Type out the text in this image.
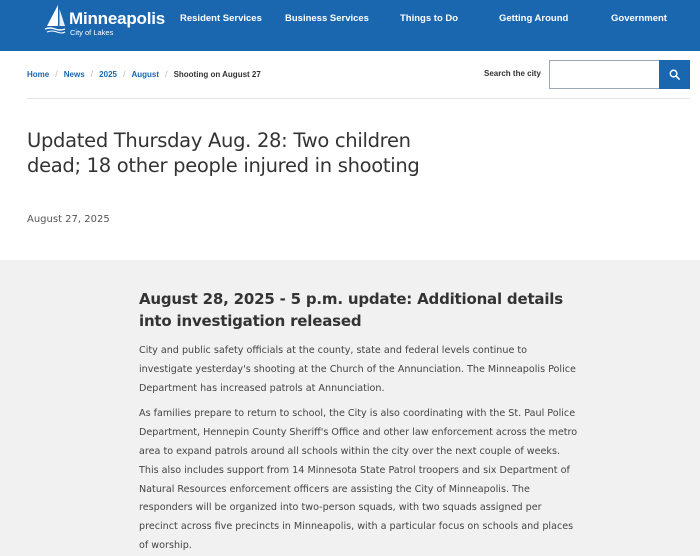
Minneapolis
City of Lakes
Resident Services Business Services	Things to Do	Getting Around	Government
Home / News / 2025 / August / Shooting on August 27	Search the city
Updated Thursday Aug. 28: Two children dead; 18 other people injured in shooting
August 27, 2025
August 28, 2025 - 5 p.m. update: Additional details into investigation released

City and public safety officials at the county, state and federal levels continue to investigate yesterday's shooting at the Church of the Annunciation. The Minneapolis Police Department has increased patrols at Annunciation.

As families prepare to return to school, the City is also coordinating with the St. Paul Police Department, Hennepin County Sheriff's Office and other law enforcement across the metro area to expand patrols around all schools within the city over the next couple of weeks. This also includes support from 14 Minnesota State Patrol troopers and six Department of Natural Resources enforcement officers are assisting the City of Minneapolis. The responders will be organized into two-person squads, with two squads assigned per precinct across five precincts in Minneapolis, with a particular focus on schools and places of worship.
